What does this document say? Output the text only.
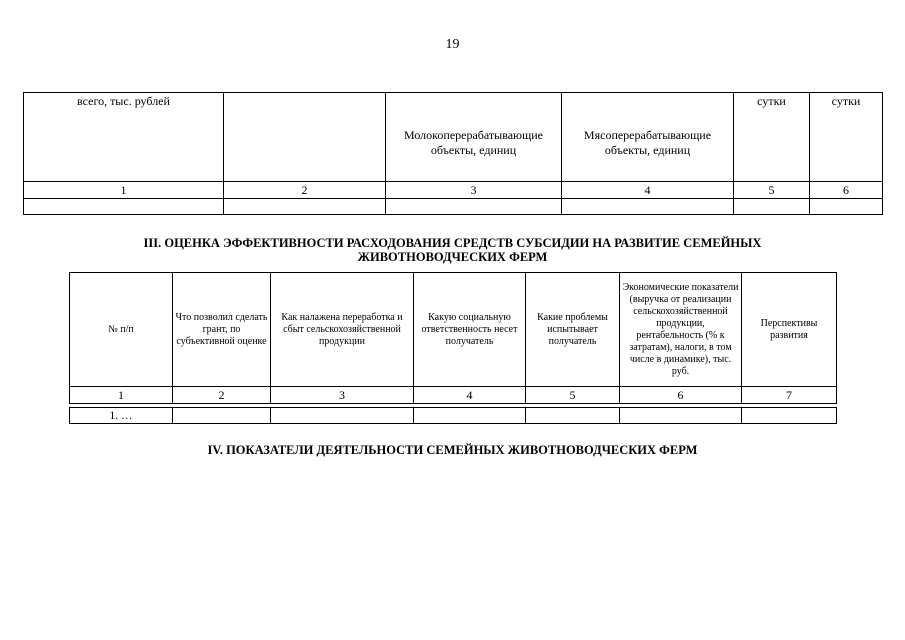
19
всего, тыс. рублей		Молокоперерабатывающие объекты, единиц	Мясоперерабатывающие объекты, единиц	сутки	сутки
1	2	3	4	5	6

III. ОЦЕНКА ЭФФЕКТИВНОСТИ РАСХОДОВАНИЯ СРЕДСТВ СУБСИДИИ НА РАЗВИТИЕ СЕМЕЙНЫХ
ЖИВОТНОВОДЧЕСКИХ ФЕРМ
№ п/п	Что позволил сделать грант, по субъективной оценке	Как налажена переработка и сбыт сельскохозяйственной продукции	Какую социальную ответственность несет получатель	Какие проблемы испытывает получатель	Экономические показатели (выручка от реализации сельскохозяйственной продукции, рентабельность (% к затратам), налоги, в том числе в динамике), тыс. руб.	Перспективы развития
1	2	3	4	5	6	7

1. …						
IV. ПОКАЗАТЕЛИ ДЕЯТЕЛЬНОСТИ СЕМЕЙНЫХ ЖИВОТНОВОДЧЕСКИХ ФЕРМ
